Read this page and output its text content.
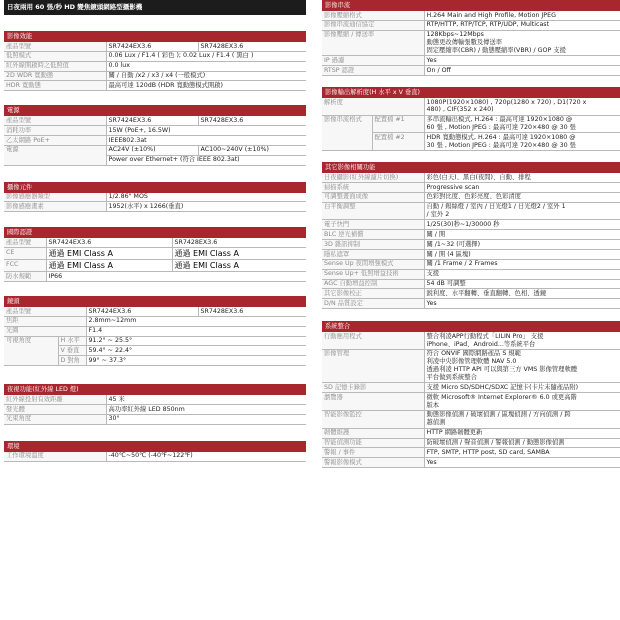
日夜兩用 60 張/秒 HD 變焦鏡頭網路型攝影機
影像效能
產品型號	SR7424EX3.6	SR7428EX3.6
低照模式	0.06 Lux / F1.4 ( 彩色 ); 0.02 Lux / F1.4 ( 黑白 )	
紅外線開啟時之低照值	0.0 lux	
2D WDR 寬動態	關 / 自動 /x2 / x3 / x4 (一般模式)	
HDR 寬動態	最高可達 120dB (HDR 寬動態模式開啟)	
電源
產品型號	SR7424EX3.6	SR7428EX3.6
消耗功率	15W (PoE+, 16.5W)	
乙太網路 PoE+	IEEE802.3at	
電源	AC24V (±10%)	AC100~240V (±10%)
	Power over Ethernet+ (符合 IEEE 802.3at)	
攝像元件
影像感應器類型	1/2.86" MOS
影像感應畫素	1952(水平) x 1266(垂直)
國際認證
產品型號	SR7424EX3.6	SR7428EX3.6
CE	通過 EMI Class A	通過 EMI Class A
FCC	通過 EMI Class A	通過 EMI Class A
防水規範	IP66	
鏡頭
產品型號		SR7424EX3.6	SR7428EX3.6
焦距		2.8mm~12mm	
光圈		F1.4	
可視角度	H 水平	91.2° ~ 25.5°	
	V 垂直	59.4° ~ 22.4°	
	D 對角	99° ~ 37.3°	
夜視功能(紅外線 LED 燈)
紅外線投射有效距離	45 米
發光體	高功率紅外線 LED 850nm
光束角度	30°
環境
工作環境溫度	-40℃~50℃ (-40℉~122℉)
影像串流
影像壓縮格式	H.264 Main and High Profile, Motion JPEG
影像串流通信協定	RTP/HTTP, RTP/TCP, RTP/UDP, Multicast
影像壓縮 / 傳送率	128Kbps~12Mbps
動態更改傳輸張數及傳送率
固定壓縮率(CBR) / 動態壓縮率(VBR) / GOP 支援

IP 過濾	Yes
RTSP 認證	On / Off
影像輸出解析度(H 水平 x V 垂直)
解析度		1080P(1920×1080) , 720p(1280 x 720) , D1(720 x
480) , CIF(352 x 240)

影像串流格式	配置檔 #1	多串流輸出模式, H.264 : 最高可達 1920×1080 @
60 張 , Motion JPEG : 最高可達 720×480 @ 30 張

	配置檔 #2	HDR 寬動態模式, H.264 : 最高可達 1920×1080 @
30 張 , Motion JPEG : 最高可達 720×480 @ 30 張
其它影像相關功能
日夜攝影(紅外線濾片切換)	彩色(白天)、黑白(夜間)、自動、排程
掃描系統	Progressive scan
可調整畫面成像	色彩對比度、色彩亮度、色彩清度
白平衡調整	自動 / 鎢絲燈 / 室內 / 日光燈1 / 日光燈2 / 室外 1
/ 室外 2

電子快門	1/25(30)秒~1/30000 秒
BLC 逆光補償	關 / 開
3D 雜訊抑制	關 /1~32 (可選擇)
隱私遮罩	關 / 開 (4 區塊)
Sense Up 夜間增強模式	關 /1 Frame / 2 Frames
Sense Up+ 低照增益技術	支援
AGC 自動增益控制	54 dB 可調整
其它影像校正	鋭利度、水平翻轉、垂直翻轉、色相、透鏡
D/N 品質設定	Yes
系統整合
行動應用程式	整合利凌APP行動程式「LILIN Pro」 支援
iPhone、iPad、Android...等系統平台

影像管理	符合 ONVIF 國際網路產品 S 規範
利凌中央影像管理軟體 NAV 5.0
透過利凌 HTTP API 可以與第三方 VMS 影像管理軟體
平台做到系統整合

SD 記憶卡錄影	支援 Micro SD/SDHC/SDXC 記憶卡(卡片未隨產品附)
瀏覽器	微軟 Microsoft® Internet Explorer® 6.0 或更高階
版本

智能影像監控	動態影像偵測 / 破壞偵測 / 區塊偵測 / 方向偵測 / 跨
越偵測

韌體維護	HTTP 網路韌體更新
智能偵測功能	防破壞偵測 / 聲音偵測 / 警報偵測 / 動態影像偵測
警報 / 事件	FTP, SMTP, HTTP post, SD card, SAMBA
警報影像模式	Yes
